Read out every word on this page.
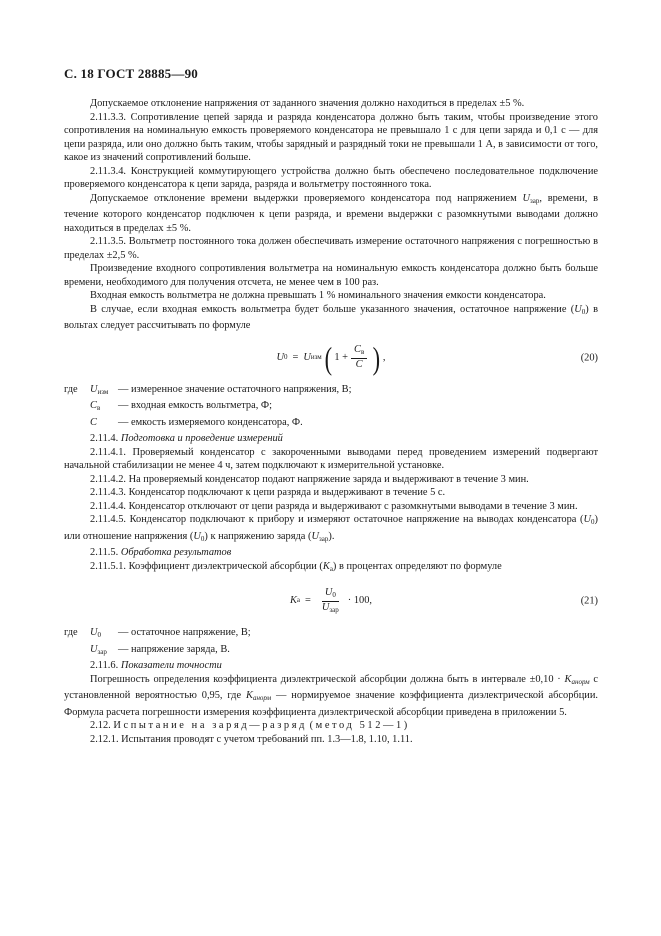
С. 18 ГОСТ 28885—90

Допускаемое отклонение напряжения от заданного значения должно находиться в пределах ±5 %.

2.11.3.3. Сопротивление цепей заряда и разряда конденсатора должно быть таким, чтобы произведение этого сопротивления на номинальную емкость проверяемого конденсатора не превышало 1 с для цепи заряда и 0,1 с — для цепи разряда, или оно должно быть таким, чтобы зарядный и разрядный токи не превышали 1 А, в зависимости от того, какое из значений сопротивлений больше.

2.11.3.4. Конструкцией коммутирующего устройства должно быть обеспечено последовательное подключение проверяемого конденсатора к цепи заряда, разряда и вольтметру постоянного тока.

Допускаемое отклонение времени выдержки проверяемого конденсатора под напряжением $U_{зар}$, времени, в течение которого конденсатор подключен к цепи разряда, и времени выдержки с разомкнутыми выводами должно находиться в пределах ±5 %.

2.11.3.5. Вольтметр постоянного тока должен обеспечивать измерение остаточного напряжения с погрешностью в пределах ±2,5 %.

Произведение входного сопротивления вольтметра на номинальную емкость конденсатора должно быть больше времени, необходимого для получения отсчета, не менее чем в 100 раз.

Входная емкость вольтметра не должна превышать 1 % номинального значения емкости конденсатора.

В случае, если входная емкость вольтметра будет больше указанного значения, остаточное напряжение $(U_0)$ в вольтах следует рассчитывать по формуле

U 0 = U изм ( $1 + \frac{C_в}{C}$ ) ,	(20)
где	$U_{изм}$ — измеренное значение остаточного напряжения, В;
$C_в$	— входная емкость вольтметра, Ф;
C	— емкость измеряемого конденсатора, Ф.

2.11.4. Подготовка и проведение измерений

2.11.4.1. Проверяемый конденсатор с закороченными выводами перед проведением измерений подвергают начальной стабилизации не менее 4 ч, затем подключают к измерительной установке.

2.11.4.2. На проверяемый конденсатор подают напряжение заряда и выдерживают в течение 3 мин.

2.11.4.3. Конденсатор подключают к цепи разряда и выдерживают в течение 5 с.

2.11.4.4. Конденсатор отключают от цепи разряда и выдерживают с разомкнутыми выводами в течение 3 мин.

2.11.4.5. Конденсатор подключают к прибору и измеряют остаточное напряжение на выводах конденсатора $(U_0)$ или отношение напряжения $(U_0)$ к напряжению заряда $(U_{зар})$.

2.11.5. Обработка результатов

2.11.5.1. Коэффициент диэлектрической абсорбции $(K_а)$ в процентах определяют по формуле

K $а = \frac{U_0}{U_{зар}} \cdot 100$,	(21)
где	$U_0$	— остаточное напряжение, В;
$U_{зар}$	— напряжение заряда, В.

2.11.6. Показатели точности

Погрешность определения коэффициента диэлектрической абсорбции должна быть в интервале $\pm 0,10 \cdot K_{анорм}$ с установленной вероятностью 0,95, где $K_{анорм}$ — нормируемое значение коэффициента диэлектрической абсорбции. Формула расчета погрешности измерения коэффициента диэлектрической абсорбции приведена в приложении 5.

2.12. Испытание на заряд—разряд (метод 512—1)

2.12.1. Испытания проводят с учетом требований пп. 1.3—1.8, 1.10, 1.11.
